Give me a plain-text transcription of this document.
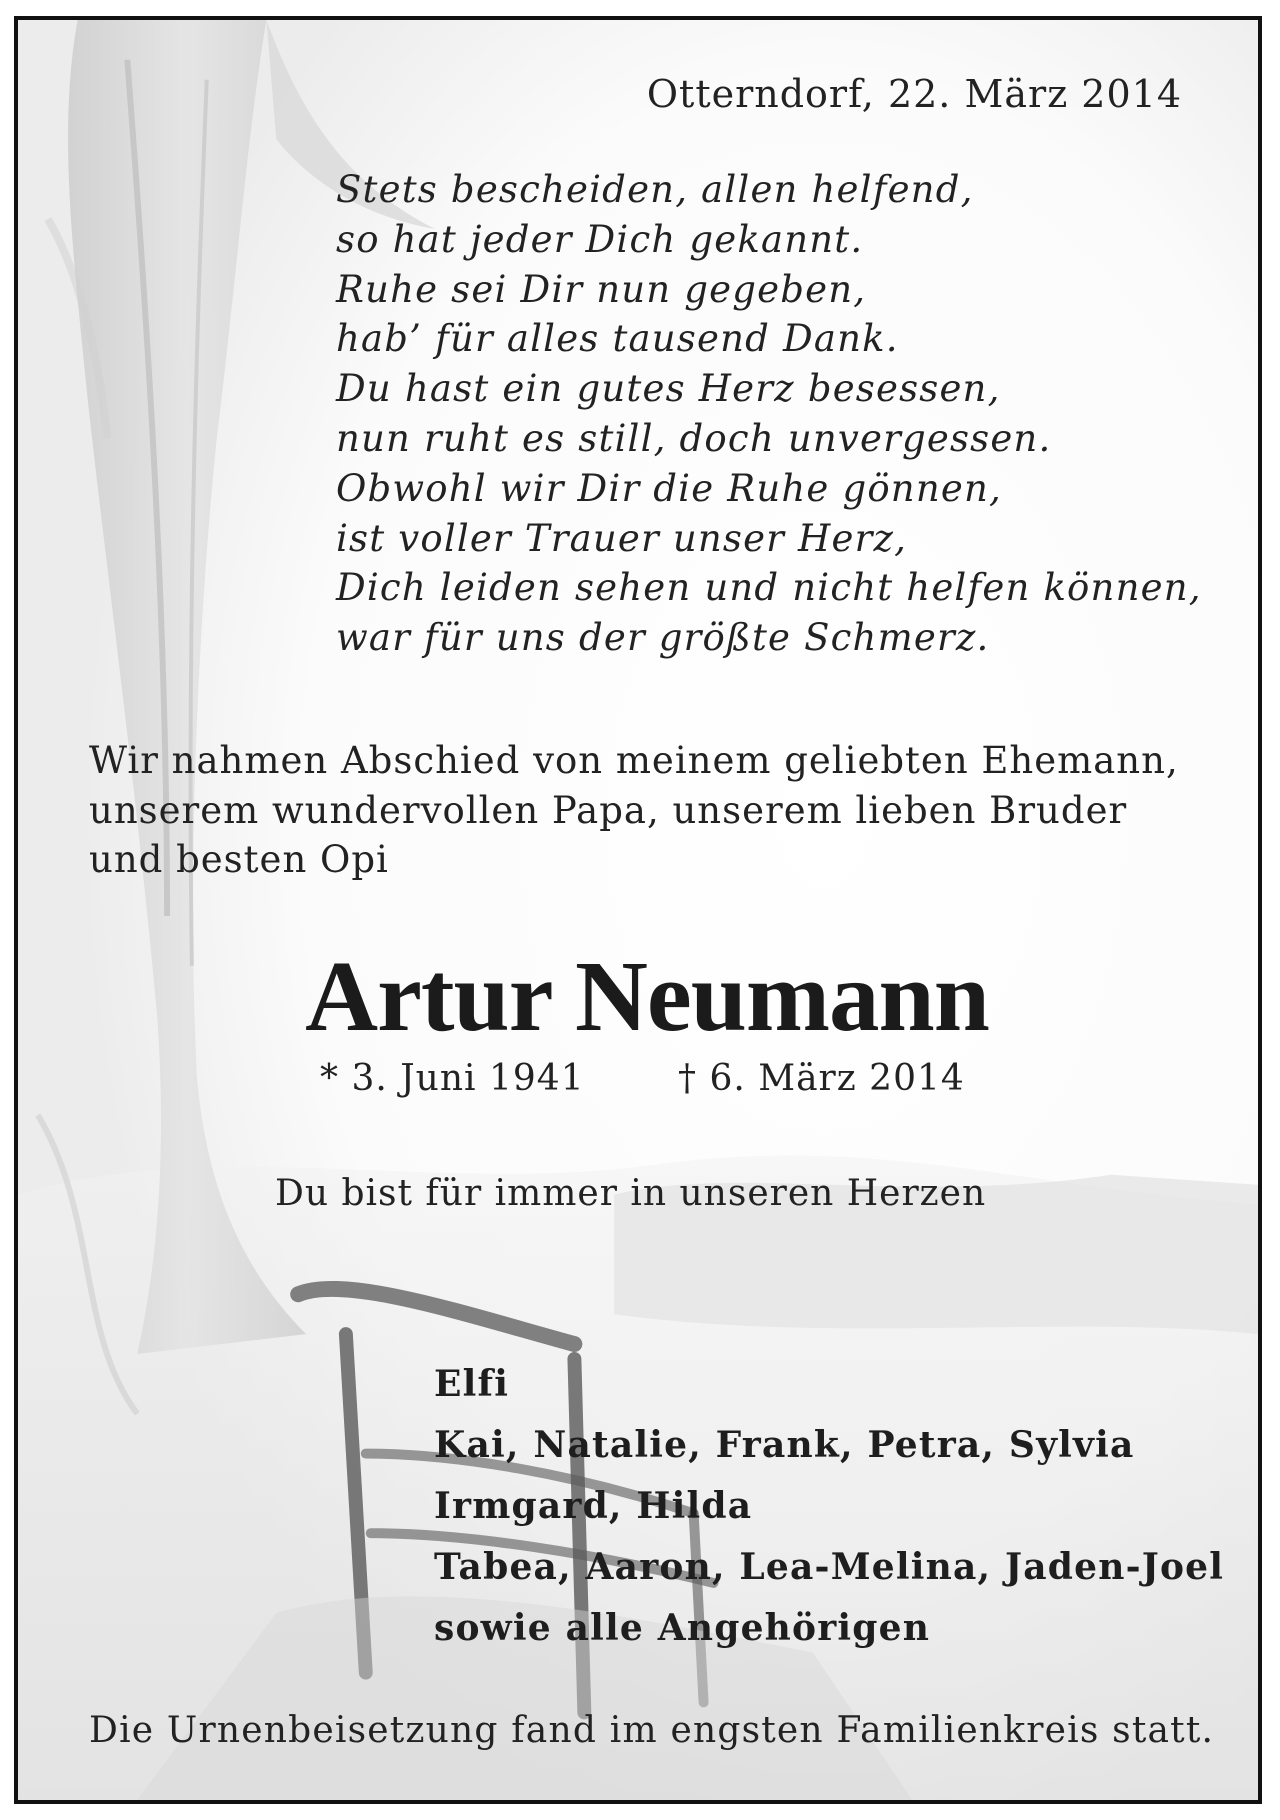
Otterndorf, 22. März 2014
Stets bescheiden, allen helfend,
so hat jeder Dich gekannt.
Ruhe sei Dir nun gegeben,
hab’ für alles tausend Dank.
Du hast ein gutes Herz besessen,
nun ruht es still, doch unvergessen.
Obwohl wir Dir die Ruhe gönnen,
ist voller Trauer unser Herz,
Dich leiden sehen und nicht helfen können,
war für uns der größte Schmerz.
Wir nahmen Abschied von meinem geliebten Ehemann,
unserem wundervollen Papa, unserem lieben Bruder
und besten Opi
Artur Neumann
* 3. Juni 1941	† 6. März 2014
Du bist für immer in unseren Herzen
Elfi
Kai, Natalie, Frank, Petra, Sylvia
Irmgard, Hilda
Tabea, Aaron, Lea-Melina, Jaden-Joel
sowie alle Angehörigen
Die Urnenbeisetzung fand im engsten Familienkreis statt.
